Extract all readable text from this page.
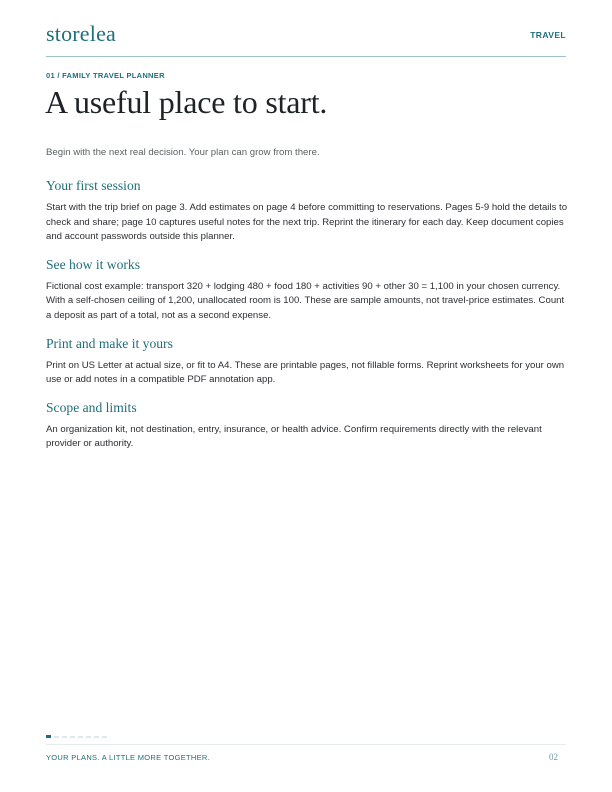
storelea	TRAVEL
01 / FAMILY TRAVEL PLANNER
A useful place to start.
Begin with the next real decision. Your plan can grow from there.
Your first session

Start with the trip brief on page 3. Add estimates on page 4 before committing to reservations. Pages 5-9 hold the details to check and share; page 10 captures useful notes for the next trip. Reprint the itinerary for each day. Keep document copies and account passwords outside this planner.

See how it works

Fictional cost example: transport 320 + lodging 480 + food 180 + activities 90 + other 30 = 1,100 in your chosen currency. With a self-chosen ceiling of 1,200, unallocated room is 100. These are sample amounts, not travel-price estimates. Count a deposit as part of a total, not as a second expense.

Print and make it yours

Print on US Letter at actual size, or fit to A4. These are printable pages, not fillable forms. Reprint worksheets for your own use or add notes in a compatible PDF annotation app.

Scope and limits

An organization kit, not destination, entry, insurance, or health advice. Confirm requirements directly with the relevant provider or authority.

YOUR PLANS. A LITTLE MORE TOGETHER.	02
